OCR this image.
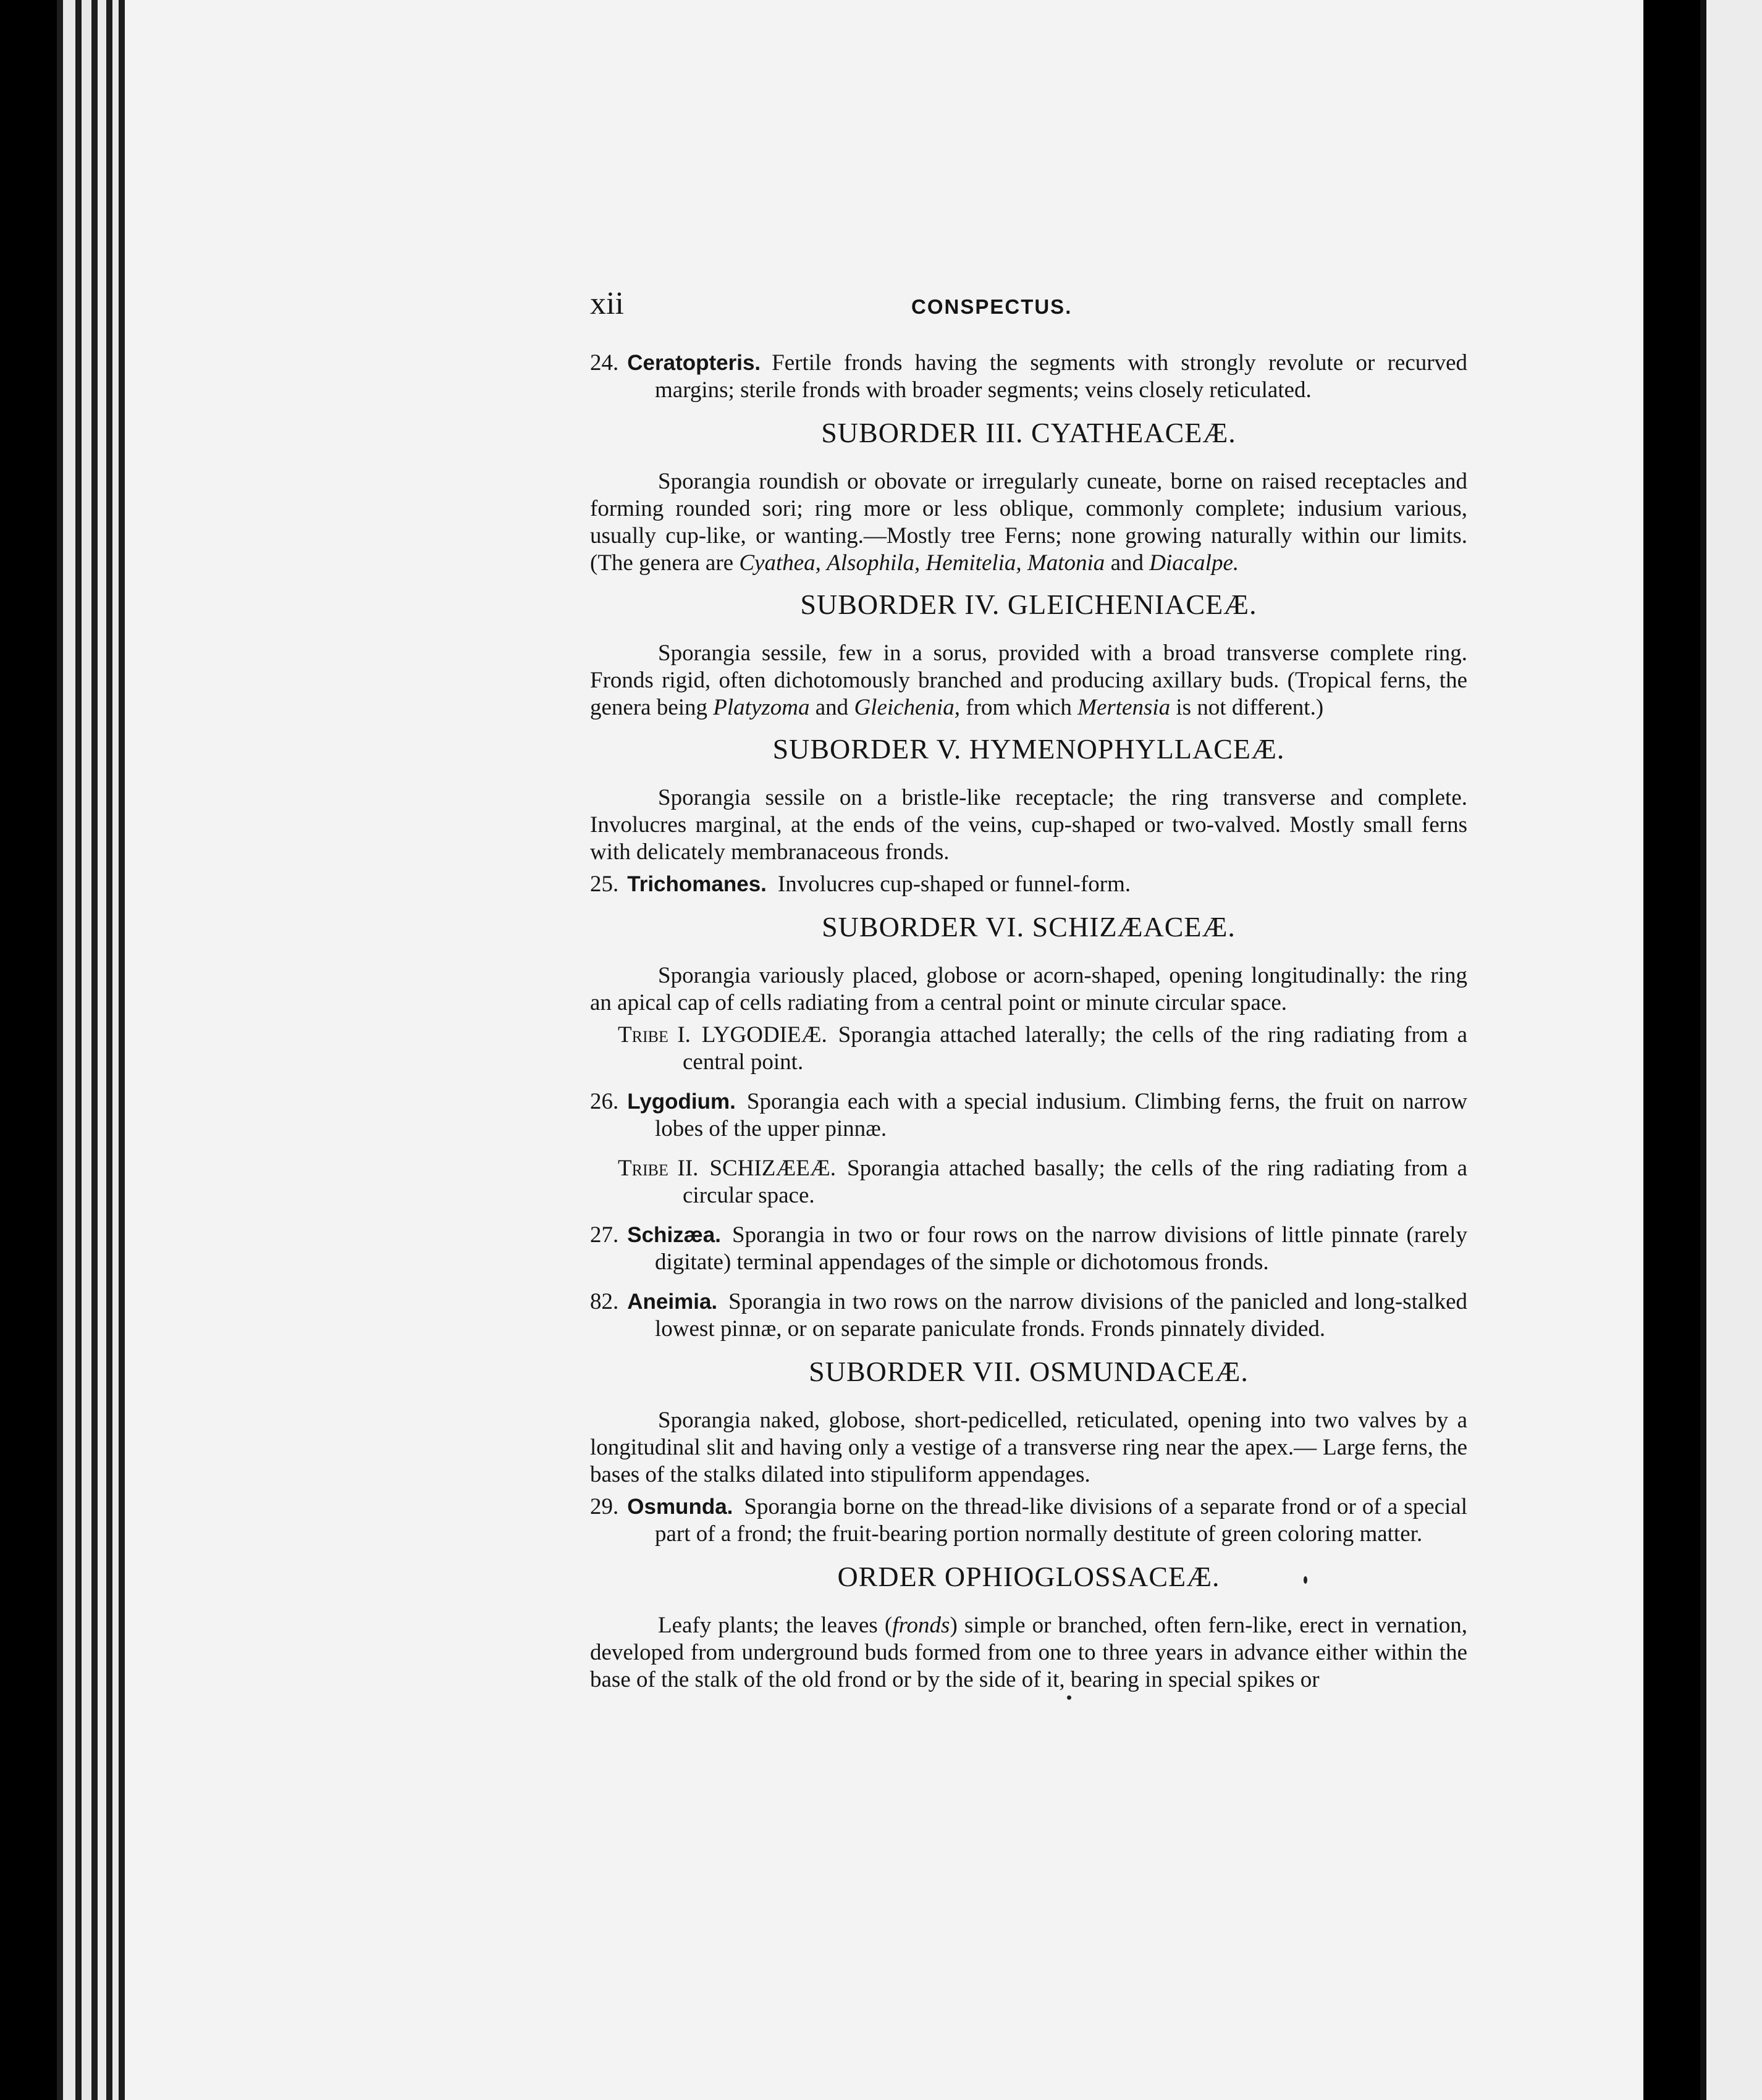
xii	CONSPECTUS.

24. Ceratopteris. Fertile fronds having the segments with strongly revolute or recurved margins; sterile fronds with broader segments; veins closely reticulated.

SUBORDER III. CYATHEACEÆ.

Sporangia roundish or obovate or irregularly cuneate, borne on raised receptacles and forming rounded sori; ring more or less oblique, commonly complete; indusium various, usually cup-like, or wanting.—Mostly tree Ferns; none growing naturally within our limits. (The genera are Cyathea, Alsophila, Hemitelia, Matonia and Diacalpe.

SUBORDER IV. GLEICHENIACEÆ.

Sporangia sessile, few in a sorus, provided with a broad transverse complete ring. Fronds rigid, often dichotomously branched and producing axillary buds. (Tropical ferns, the genera being Platyzoma and Gleichenia, from which Mertensia is not different.)

SUBORDER V. HYMENOPHYLLACEÆ.

Sporangia sessile on a bristle-like receptacle; the ring transverse and complete. Involucres marginal, at the ends of the veins, cup-shaped or two-valved. Mostly small ferns with delicately membranaceous fronds.

25. Trichomanes. Involucres cup-shaped or funnel-form.

SUBORDER VI. SCHIZÆACEÆ.

Sporangia variously placed, globose or acorn-shaped, opening longitudinally: the ring an apical cap of cells radiating from a central point or minute circular space.

Tribe I. LYGODIEÆ. Sporangia attached laterally; the cells of the ring radiating from a central point.

26. Lygodium. Sporangia each with a special indusium. Climbing ferns, the fruit on narrow lobes of the upper pinnæ.

Tribe II. SCHIZÆEÆ. Sporangia attached basally; the cells of the ring radiating from a circular space.

27. Schizæa. Sporangia in two or four rows on the narrow divisions of little pinnate (rarely digitate) terminal appendages of the simple or dichotomous fronds.

82. Aneimia. Sporangia in two rows on the narrow divisions of the panicled and long-stalked lowest pinnæ, or on separate paniculate fronds. Fronds pinnately divided.

SUBORDER VII. OSMUNDACEÆ.

Sporangia naked, globose, short-pedicelled, reticulated, opening into two valves by a longitudinal slit and having only a vestige of a transverse ring near the apex.— Large ferns, the bases of the stalks dilated into stipuliform appendages.

29. Osmunda. Sporangia borne on the thread-like divisions of a separate frond or of a special part of a frond; the fruit-bearing portion normally destitute of green coloring matter.

ORDER OPHIOGLOSSACEÆ.

Leafy plants; the leaves (fronds) simple or branched, often fern-like, erect in vernation, developed from underground buds formed from one to three years in advance either within the base of the stalk of the old frond or by the side of it, bearing in special spikes or
